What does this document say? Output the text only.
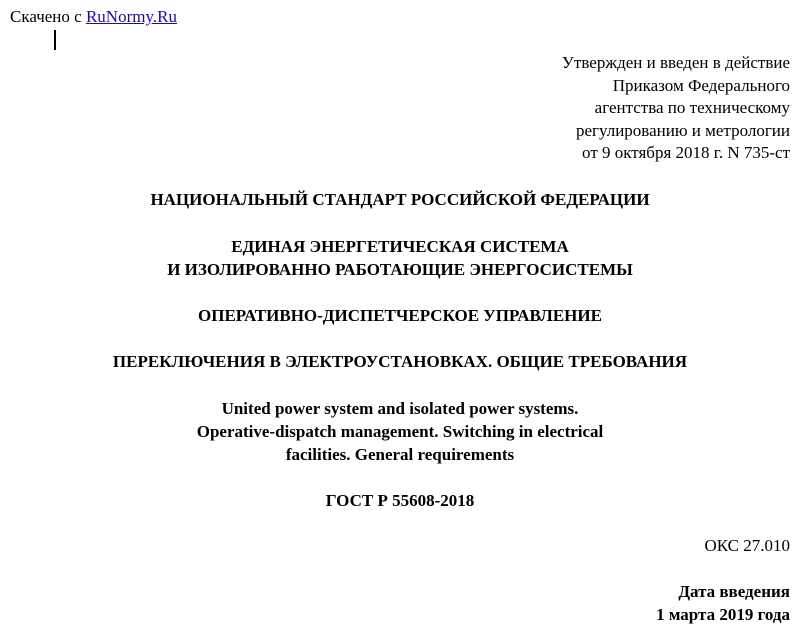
Скачено с RuNormy.Ru
Утвержден и введен в действие
Приказом Федерального
агентства по техническому
регулированию и метрологии
от 9 октября 2018 г. N 735-ст
НАЦИОНАЛЬНЫЙ СТАНДАРТ РОССИЙСКОЙ ФЕДЕРАЦИИ
ЕДИНАЯ ЭНЕРГЕТИЧЕСКАЯ СИСТЕМА
И ИЗОЛИРОВАННО РАБОТАЮЩИЕ ЭНЕРГОСИСТЕМЫ
ОПЕРАТИВНО-ДИСПЕТЧЕРСКОЕ УПРАВЛЕНИЕ
ПЕРЕКЛЮЧЕНИЯ В ЭЛЕКТРОУСТАНОВКАХ. ОБЩИЕ ТРЕБОВАНИЯ
United power system and isolated power systems.
Operative-dispatch management. Switching in electrical
facilities. General requirements
ГОСТ Р 55608-2018
ОКС 27.010
Дата введения
1 марта 2019 года
